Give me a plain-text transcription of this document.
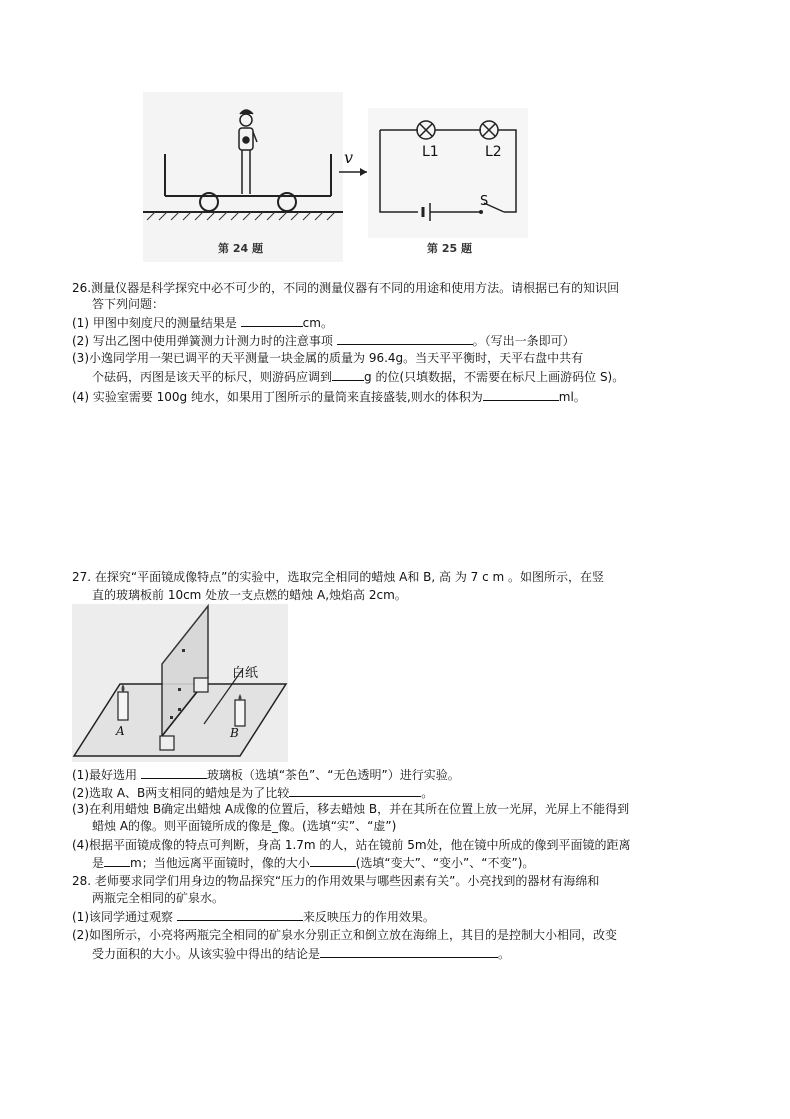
v	L1	L2
S
第 24 题	第 25 题
26.测量仪器是科学探究中必不可少的，不同的测量仪器有不同的用途和使用方法。请根据已有的知识回
答下列问题：
(1) 甲图中刻度尺的测量结果是	cm。
(2) 写出乙图中使用弹簧测力计测力时的注意事项	。（写出一条即可）
(3)小逸同学用一架已调平的天平测量一块金属的质量为 96.4g。当天平平衡时，天平右盘中共有
个砝码，丙图是该天平的标尺，则游码应调到	g 的位(只填数据，不需要在标尺上画游码位 S)。
(4) 实验室需要 100g 纯水，如果用丁图所示的量筒来直接盛装,则水的体积为	ml。
27. 在探究“平面镜成像特点”的实验中，选取完全相同的蜡烛 A和 B, 高 为 7 c m 。如图所示，在竖
直的玻璃板前 10cm 处放一支点燃的蜡烛 A,烛焰高 2cm。
白纸
A	B
(1)最好选用	玻璃板（选填“茶色”、“无色透明”）进行实验。
(2)选取 A、B两支相同的蜡烛是为了比较	。
(3)在利用蜡烛 B确定出蜡烛 A成像的位置后，移去蜡烛 B，并在其所在位置上放一光屏，光屏上不能得到
蜡烛 A的像。则平面镜所成的像是_像。(选填“实”、“虚”)
(4)根据平面镜成像的特点可判断，身高 1.7m 的人，站在镜前 5m处，他在镜中所成的像到平面镜的距离
是 m；当他远离平面镜时，像的大小	(选填“变大”、“变小”、“不变”)。
28. 老师要求同学们用身边的物品探究“压力的作用效果与哪些因素有关”。小亮找到的器材有海绵和
两瓶完全相同的矿泉水。
(1)该同学通过观察	来反映压力的作用效果。
(2)如图所示，小亮将两瓶完全相同的矿泉水分别正立和倒立放在海绵上，其目的是控制大小相同，改变
受力面积的大小。从该实验中得出的结论是	。
